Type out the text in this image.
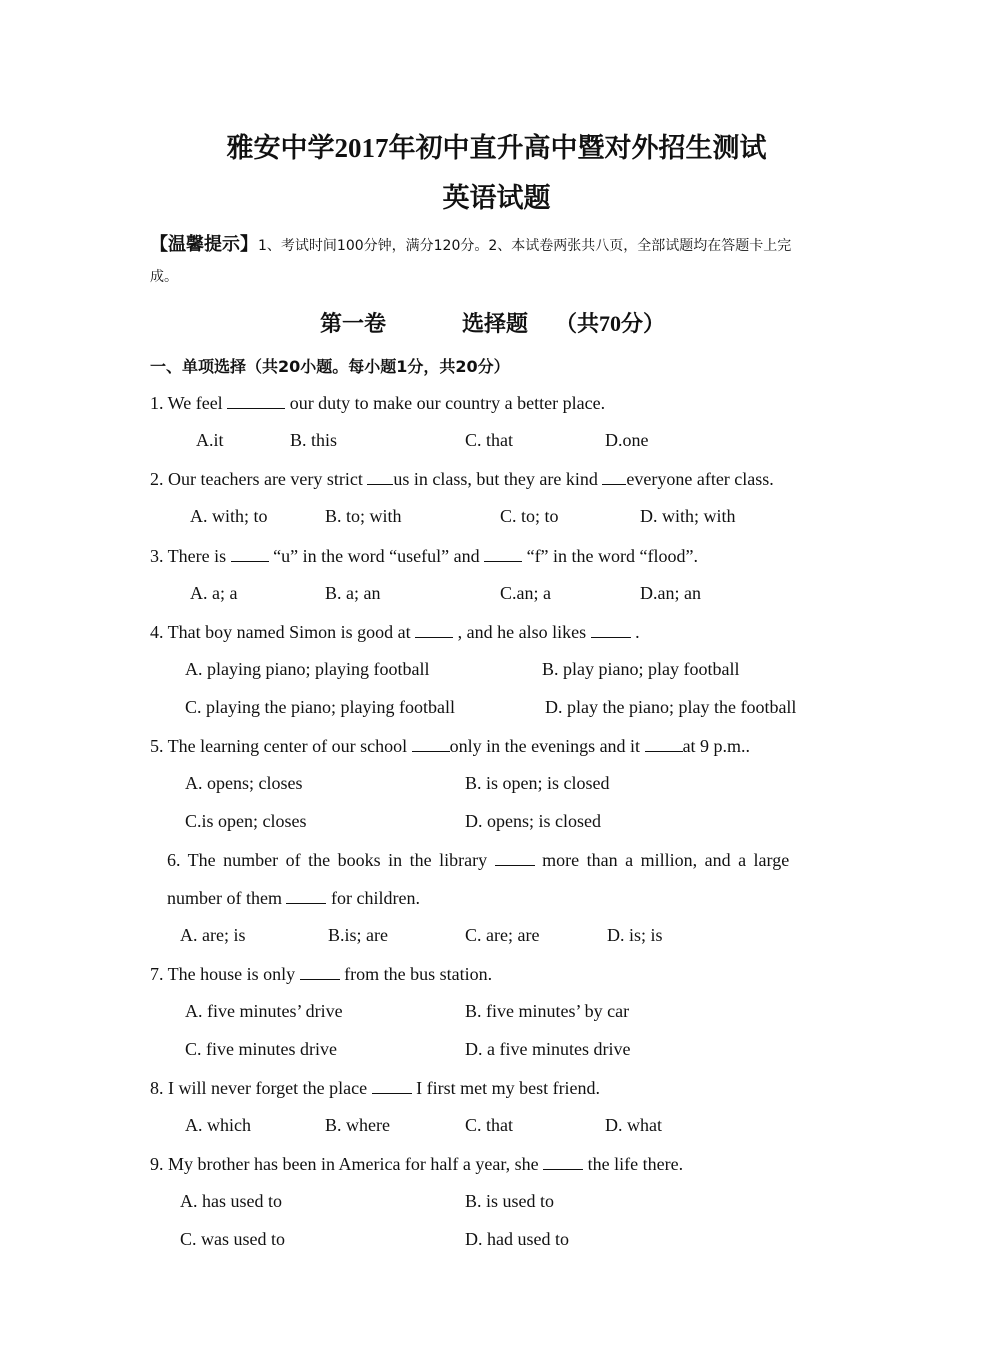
雅安中学2017年初中直升高中暨对外招生测试
英语试题
【温馨提示】1、考试时间100分钟，满分120分。2、本试卷两张共八页，全部试题均在答题卡上完
成。
第一卷	选择题 （共70分）
一、单项选择（共20小题。每小题1分，共20分）
1. We feel	our duty to make our country a better place.
A.it	B. this	C. that	D.one
2. Our teachers are very strict us in class, but they are kind everyone after class.
A. with; to	B. to; with	C. to; to	D. with; with
3. There is	“u” in the word “useful” and	“f” in the word “flood”.
A. a; a	B. a; an	C.an; a	D.an; an
4. That boy named Simon is good at	, and he also likes	.
A. playing piano; playing football	B. play piano; play football
C. playing the piano; playing football	D. play the piano; play the football
5. The learning center of our school only in the evenings and it at 9 p.m..
A. opens; closes	B. is open; is closed
C.is open; closes	D. opens; is closed
6. The number of the books in the library	more than a million, and a large
number of them	for children.
A. are; is	B.is; are	C. are; are	D. is; is
7. The house is only	from the bus station.
A. five minutes’ drive	B. five minutes’ by car
C. five minutes drive	D. a five minutes drive
8. I will never forget the place	I first met my best friend.
A. which	B. where	C. that	D. what
9. My brother has been in America for half a year, she	the life there.
A. has used to	B. is used to
C. was used to	D. had used to
